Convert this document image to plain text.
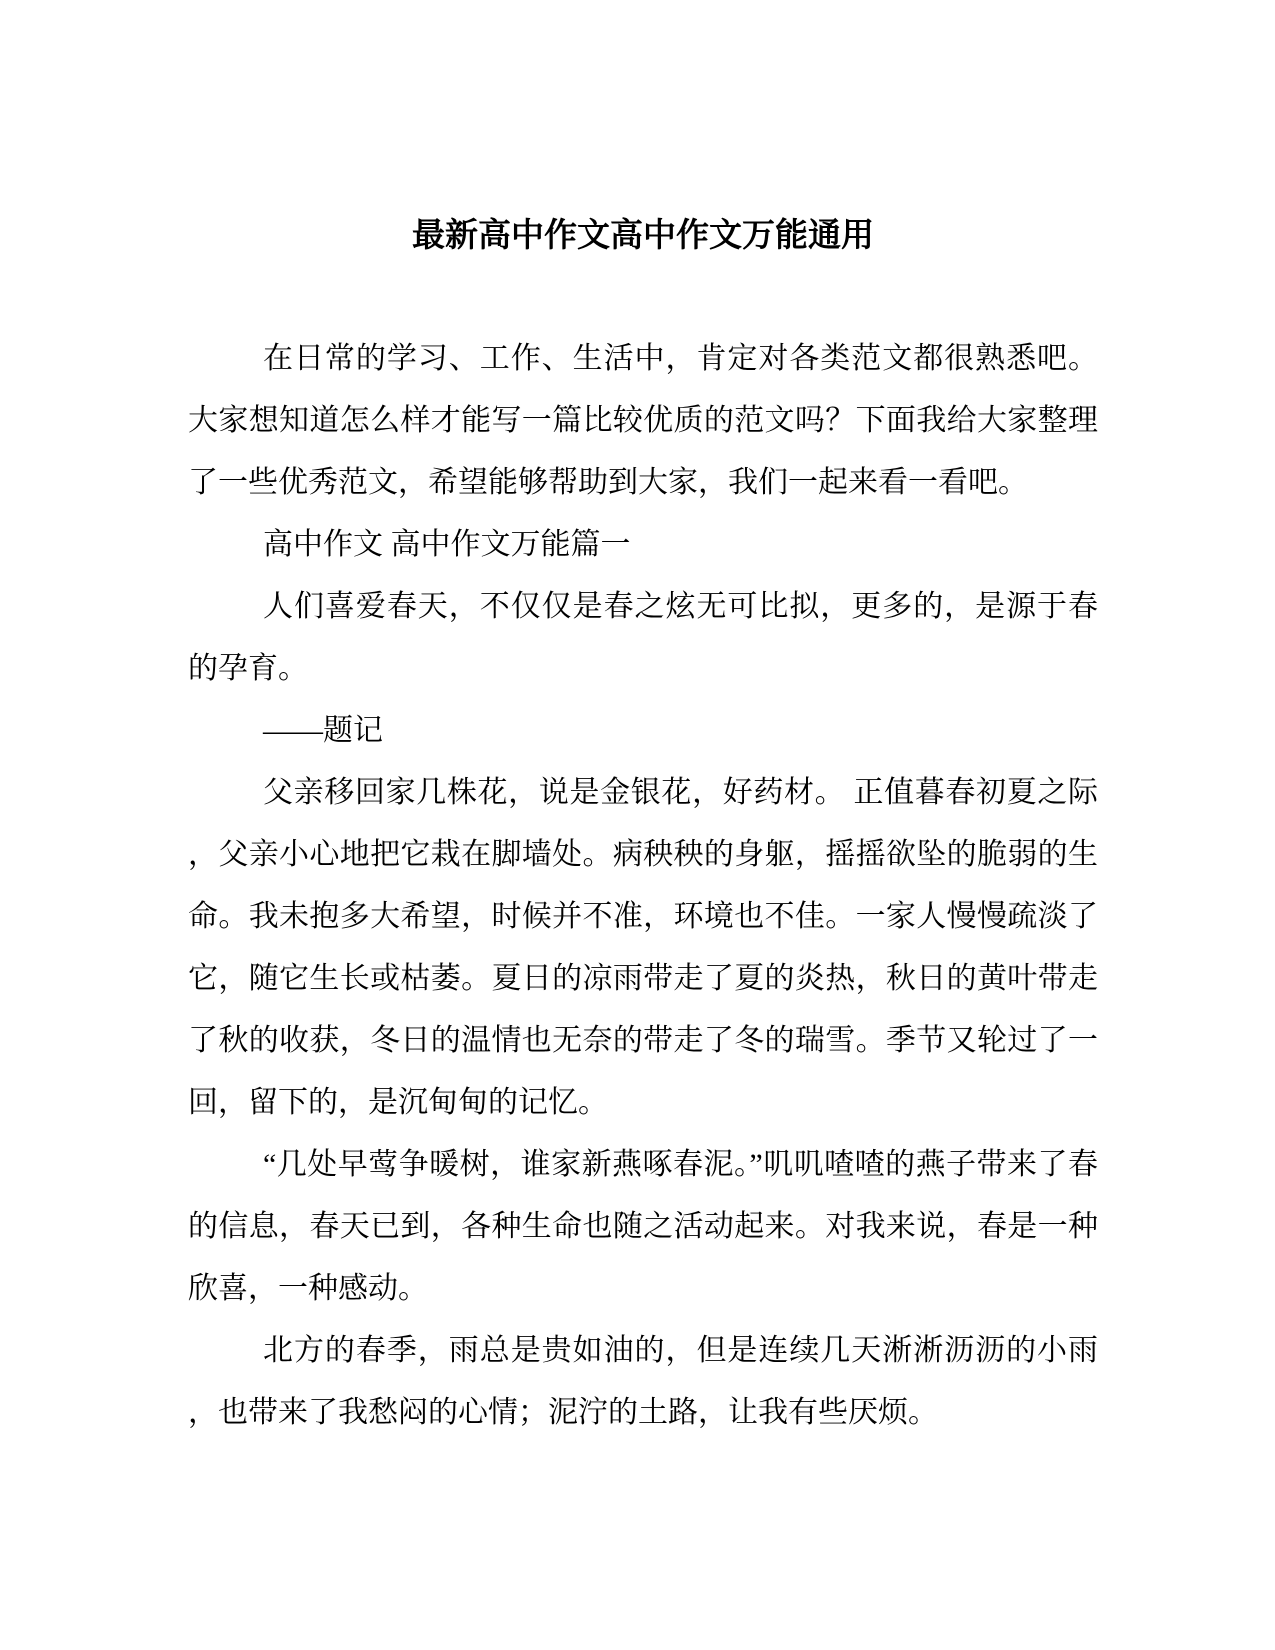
最新高中作文高中作文万能通用

在日常的学习、工作、生活中，肯定对各类范文都很熟悉吧。大家想知道怎么样才能写一篇比较优质的范文吗？下面我给大家整理了一些优秀范文，希望能够帮助到大家，我们一起来看一看吧。

高中作文 高中作文万能篇一

人们喜爱春天，不仅仅是春之炫无可比拟，更多的，是源于春的孕育。

——题记

父亲移回家几株花，说是金银花，好药材。 正值暮春初夏之际，父亲小心地把它栽在脚墙处。病秧秧的身躯，摇摇欲坠的脆弱的生命。我未抱多大希望，时候并不准，环境也不佳。一家人慢慢疏淡了它，随它生长或枯萎。夏日的凉雨带走了夏的炎热，秋日的黄叶带走了秋的收获，冬日的温情也无奈的带走了冬的瑞雪。季节又轮过了一回，留下的，是沉甸甸的记忆。

“几处早莺争暖树，谁家新燕啄春泥。”叽叽喳喳的燕子带来了春的信息，春天已到，各种生命也随之活动起来。对我来说，春是一种欣喜，一种感动。

北方的春季，雨总是贵如油的，但是连续几天淅淅沥沥的小雨，也带来了我愁闷的心情；泥泞的土路，让我有些厌烦。
